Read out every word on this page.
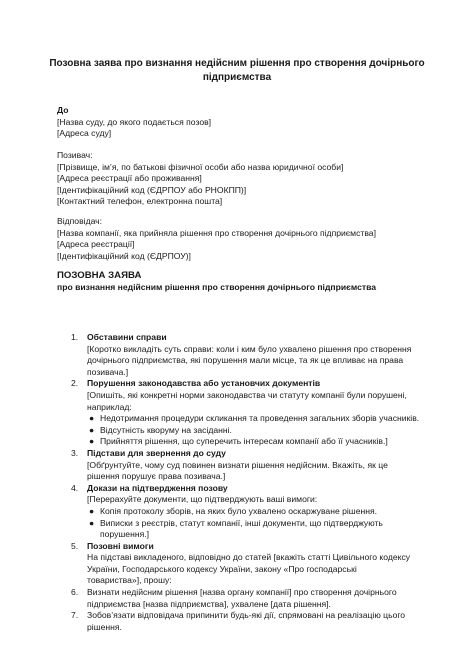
Позовна заява про визнання недійсним рішення про створення дочірнього
підприємства
До
[Назва суду, до якого подається позов]
[Адреса суду]
Позивач:
[Прізвище, ім’я, по батькові фізичної особи або назва юридичної особи]
[Адреса реєстрації або проживання]
[Ідентифікаційний код (ЄДРПОУ або РНОКПП)]
[Контактний телефон, електронна пошта]
Відповідач:
[Назва компанії, яка прийняла рішення про створення дочірнього підприємства]
[Адреса реєстрації]
[Ідентифікаційний код (ЄДРПОУ)]
ПОЗОВНА ЗАЯВА
про визнання недійсним рішення про створення дочірнього підприємства
1. Обставини справи
[Коротко викладіть суть справи: коли і ким було ухвалено рішення про створення
дочірнього підприємства, які порушення мали місце, та як це впливає на права
позивача.]
2. Порушення законодавства або установчих документів
[Опишіть, які конкретні норми законодавства чи статуту компанії були порушені,
наприклад:
● Недотримання процедури скликання та проведення загальних зборів учасників.
● Відсутність кворуму на засіданні.
● Прийняття рішення, що суперечить інтересам компанії або її учасників.]
3. Підстави для звернення до суду
[Обґрунтуйте, чому суд повинен визнати рішення недійсним. Вкажіть, як це
рішення порушує права позивача.]
4. Докази на підтвердження позову
[Перерахуйте документи, що підтверджують ваші вимоги:
● Копія протоколу зборів, на яких було ухвалено оскаржуване рішення.
● Виписки з реєстрів, статут компанії, інші документи, що підтверджують
порушення.]
5. Позовні вимоги
На підставі викладеного, відповідно до статей [вкажіть статті Цивільного кодексу
України, Господарського кодексу України, закону «Про господарські
товариства»], прошу:
6. Визнати недійсним рішення [назва органу компанії] про створення дочірнього
підприємства [назва підприємства], ухвалене [дата рішення].
7. Зобов’язати відповідача припинити будь-які дії, спрямовані на реалізацію цього
рішення.
